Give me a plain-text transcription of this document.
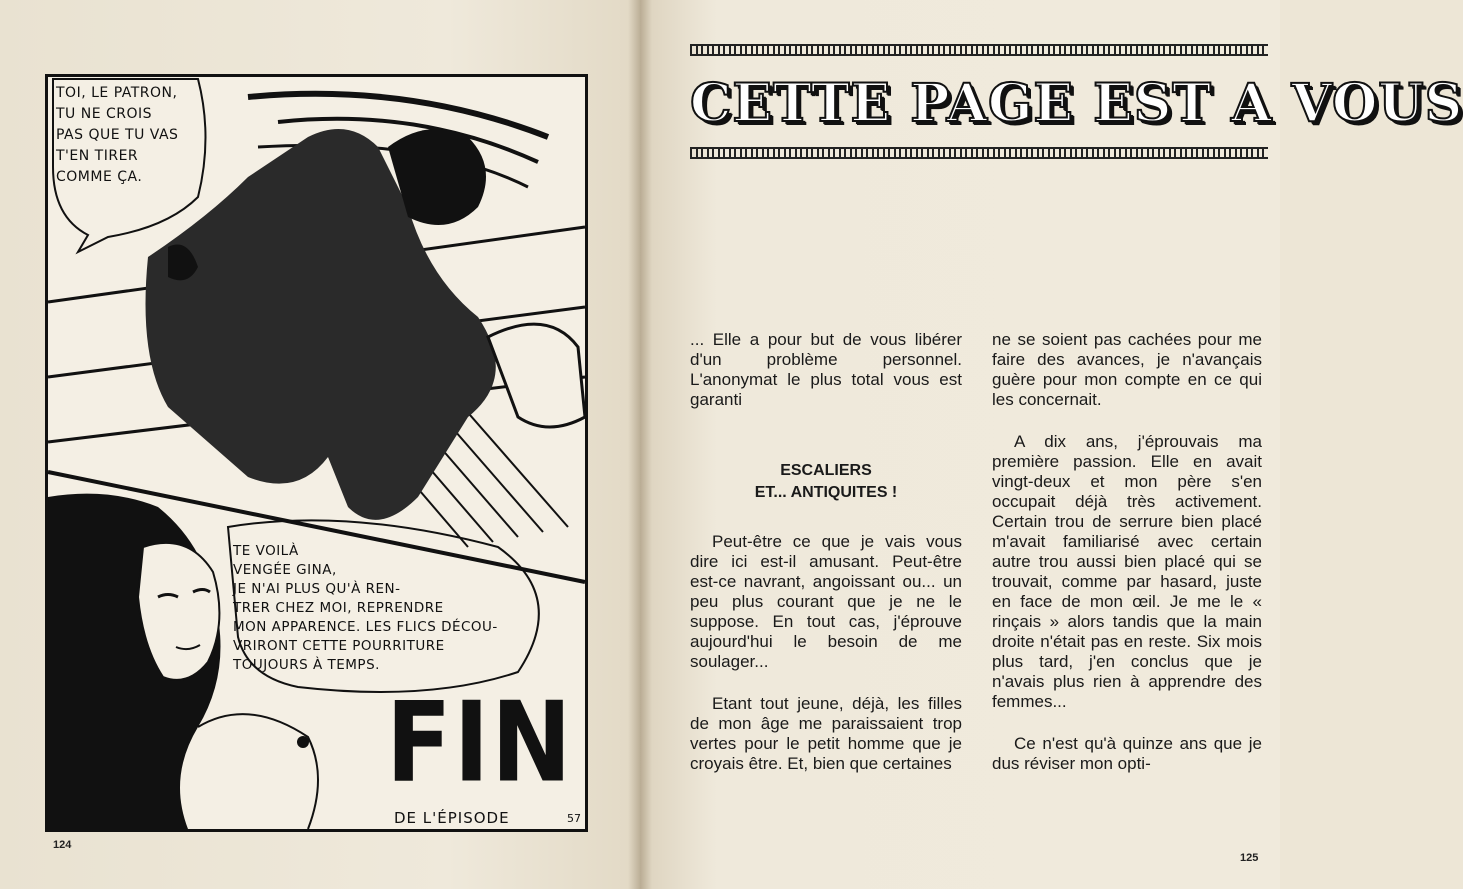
TOI, LE PATRON,
TU NE CROIS
PAS QUE TU VAS
T'EN TIRER
COMME ÇA.
TE VOILÀ
VENGÉE GINA,
JE N'AI PLUS QU'À REN-
TRER CHEZ MOI, REPRENDRE
MON APPARENCE. LES FLICS DÉCOU-
VRIRONT CETTE POURRITURE
TOUJOURS À TEMPS.
FIN
DE L'ÉPISODE	57
124
CETTE PAGE EST A VOUS

... Elle a pour but de vous libérer d'un problème personnel. L'anonymat le plus total vous est garanti

ESCALIERS
ET... ANTIQUITES !

Peut-être ce que je vais vous dire ici est-il amusant. Peut-être est-ce navrant, angoissant ou... un peu plus courant que je ne le suppose. En tout cas, j'éprouve aujourd'hui le besoin de me soulager...

Etant tout jeune, déjà, les filles de mon âge me paraissaient trop vertes pour le petit homme que je croyais être. Et, bien que certaines

ne se soient pas cachées pour me faire des avances, je n'avançais guère pour mon compte en ce qui les concernait.

A dix ans, j'éprouvais ma première passion. Elle en avait vingt-deux et mon père s'en occupait déjà très activement. Certain trou de serrure bien placé m'avait familiarisé avec certain autre trou aussi bien placé qui se trouvait, comme par hasard, juste en face de mon œil. Je me le « rinçais » alors tandis que la main droite n'était pas en reste. Six mois plus tard, j'en conclus que je n'avais plus rien à apprendre des femmes...

Ce n'est qu'à quinze ans que je dus réviser mon opti-

125
